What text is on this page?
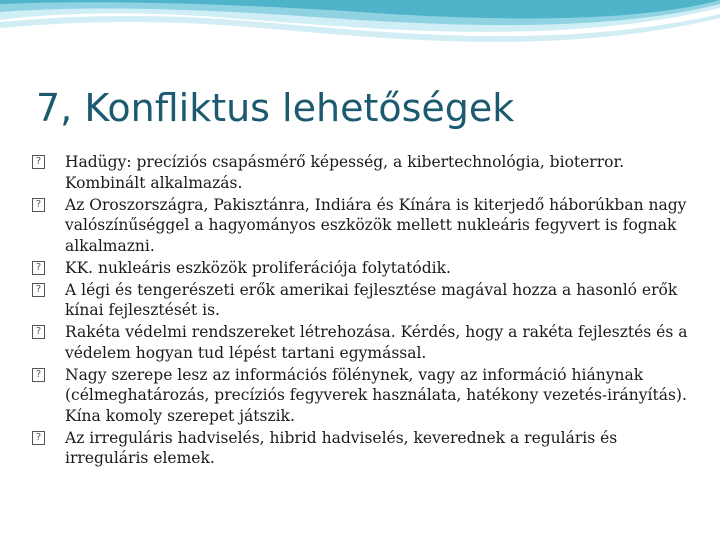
7, Konfliktus lehetőségek
? Hadügy: precíziós csapásmérő képesség, a kibertechnológia, bioterror. Kombinált alkalmazás.
? Az Oroszországra, Pakisztánra, Indiára és Kínára is kiterjedő háborúkban nagy valószínűséggel a hagyományos eszközök mellett nukleáris fegyvert is fognak alkalmazni.
? KK. nukleáris eszközök proliferációja folytatódik.
? A légi és tengerészeti erők amerikai fejlesztése magával hozza a hasonló erők kínai fejlesztését is.
? Rakéta védelmi rendszereket létrehozása. Kérdés, hogy a rakéta fejlesztés és a védelem hogyan tud lépést tartani egymással.
? Nagy szerepe lesz az információs fölénynek, vagy az információ hiánynak (célmeghatározás, precíziós fegyverek használata, hatékony vezetés-irányítás). Kína komoly szerepet játszik.
? Az irreguláris hadviselés, hibrid hadviselés, keverednek a reguláris és irreguláris elemek.
